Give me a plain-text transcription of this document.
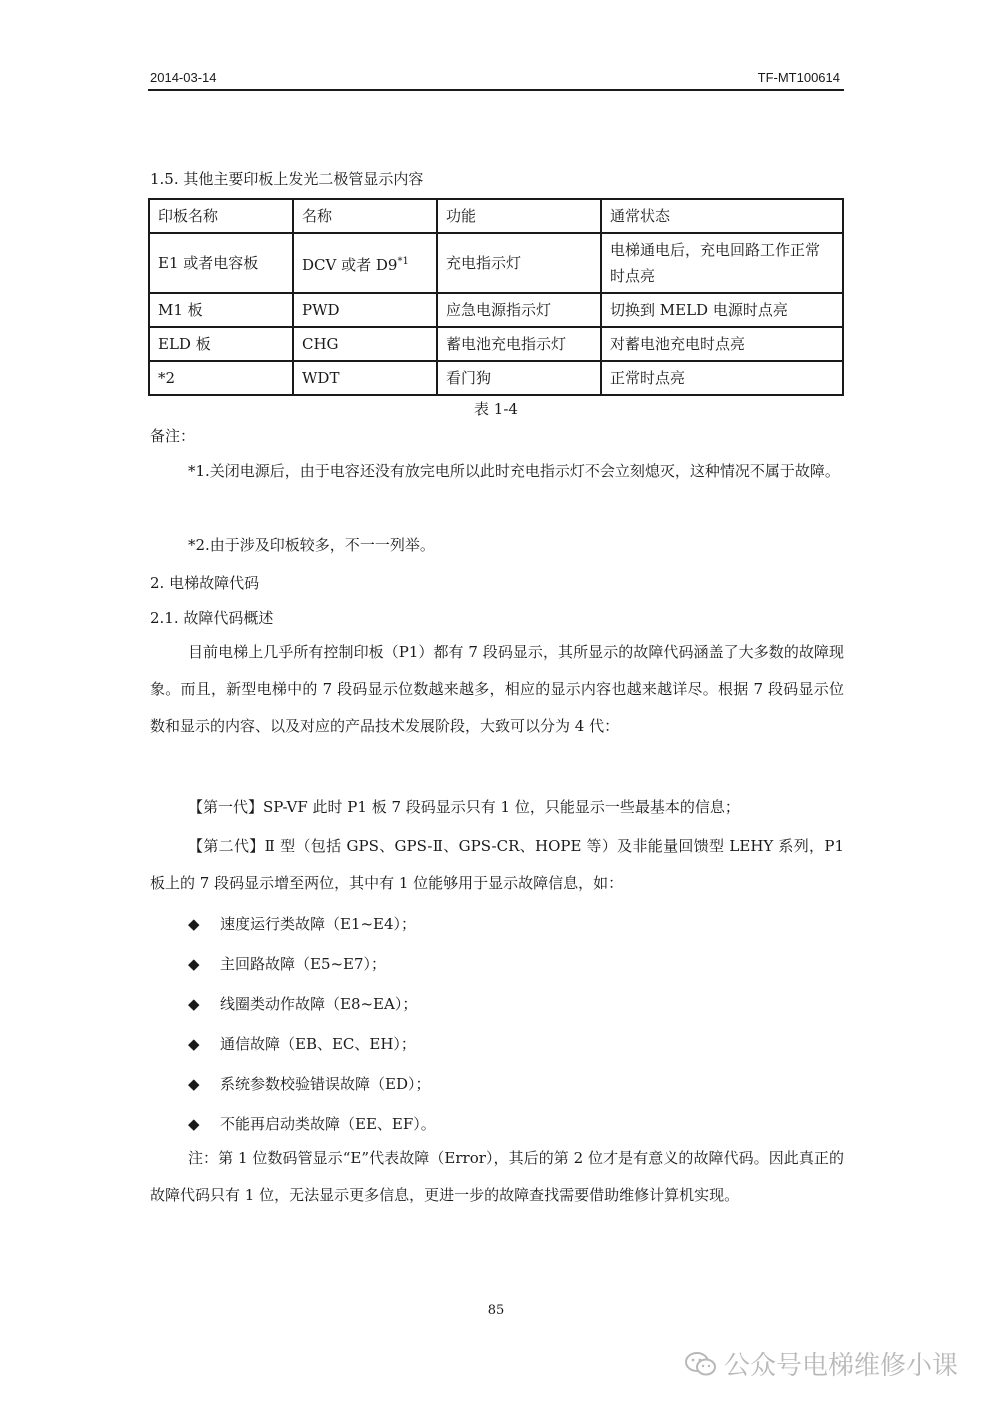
2014-03-14	TF-MT100614
1.5. 其他主要印板上发光二极管显示内容
印板名称	名称	功能	通常状态
E1 或者电容板	DCV 或者 D9$^{*1}$	充电指示灯	电梯通电后，充电回路工作正常时点亮
M1 板	PWD	应急电源指示灯	切换到 MELD 电源时点亮
ELD 板	CHG	蓄电池充电指示灯	对蓄电池充电时点亮
*2	WDT	看门狗	正常时点亮
表 1-4
备注：
*1.关闭电源后，由于电容还没有放完电所以此时充电指示灯不会立刻熄灭，这种情况不属于故障。
*2.由于涉及印板较多，不一一列举。
2. 电梯故障代码
2.1. 故障代码概述
目前电梯上几乎所有控制印板（P1）都有 7 段码显示，其所显示的故障代码涵盖了大多数的故障现象。而且，新型电梯中的 7 段码显示位数越来越多，相应的显示内容也越来越详尽。根据 7 段码显示位数和显示的内容、以及对应的产品技术发展阶段，大致可以分为 4 代：
【第一代】SP-VF 此时 P1 板 7 段码显示只有 1 位，只能显示一些最基本的信息；
【第二代】Ⅱ 型（包括 GPS、GPS-Ⅱ、GPS-CR、HOPE 等）及非能量回馈型 LEHY 系列，P1 板上的 7 段码显示增至两位，其中有 1 位能够用于显示故障信息，如：
◆ 速度运行类故障（E1~E4）；
◆ 主回路故障（E5~E7）；
◆ 线圈类动作故障（E8~EA）；
◆ 通信故障（EB、EC、EH）；
◆ 系统参数校验错误故障（ED）；
◆ 不能再启动类故障（EE、EF）。
注：第 1 位数码管显示“E”代表故障（Error），其后的第 2 位才是有意义的故障代码。因此真正的故障代码只有 1 位，无法显示更多信息，更进一步的故障查找需要借助维修计算机实现。
85
公众号电梯维修小课
